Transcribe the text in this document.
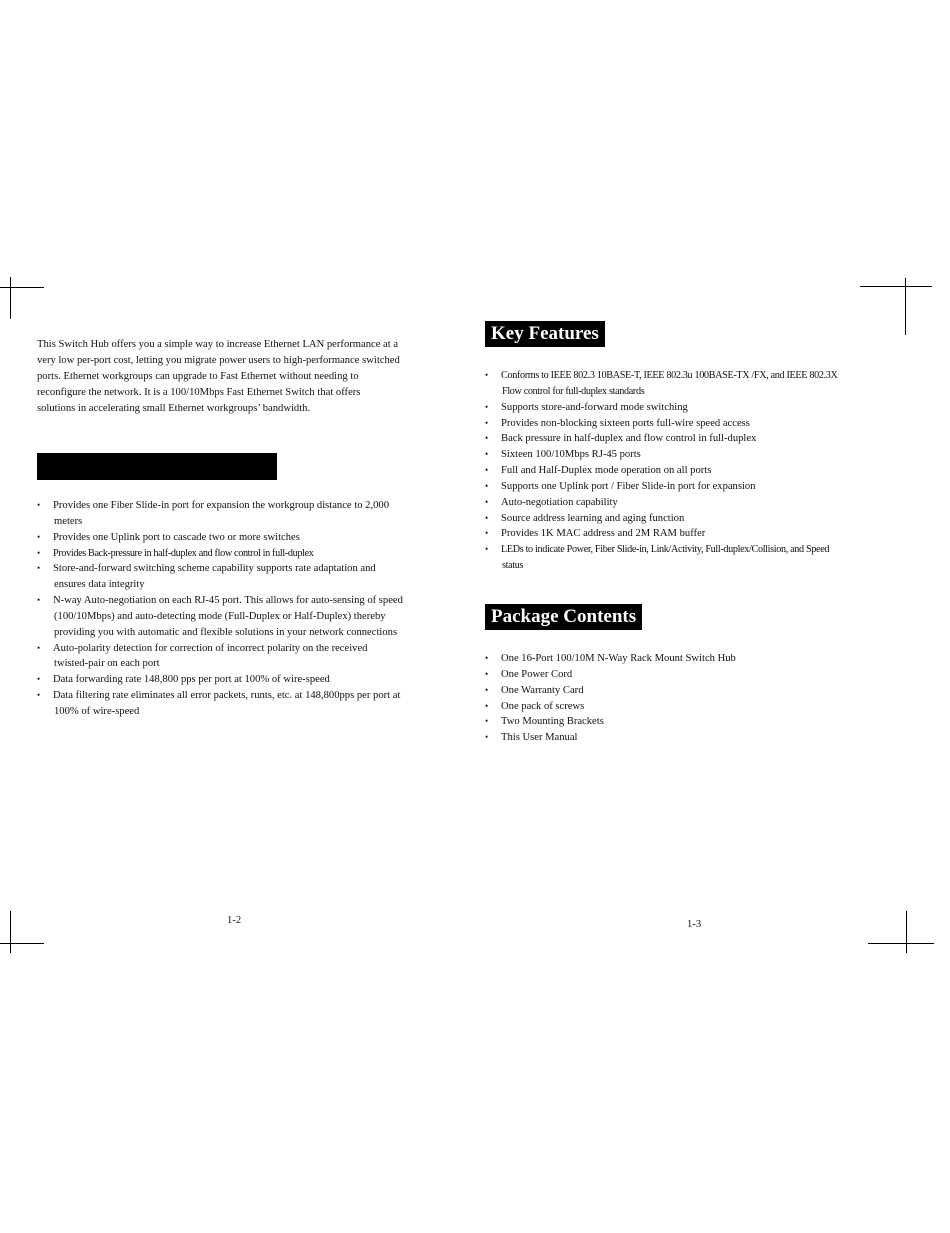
This Switch Hub offers you a simple way to increase Ethernet LAN performance at a
very low per-port cost, letting you migrate power users to high-performance switched
ports. Ethernet workgroups can upgrade to Fast Ethernet without needing to
reconfigure the network. It is a 100/10Mbps Fast Ethernet Switch that offers
solutions in accelerating small Ethernet workgroups’ bandwidth.

• Provides one Fiber Slide-in port for expansion the workgroup distance to 2,000
meters
• Provides one Uplink port to cascade two or more switches
• Provides Back-pressure in half-duplex and flow control in full-duplex
• Store-and-forward switching scheme capability supports rate adaptation and
ensures data integrity
• N-way Auto-negotiation on each RJ-45 port. This allows for auto-sensing of speed
(100/10Mbps) and auto-detecting mode (Full-Duplex or Half-Duplex) thereby
providing you with automatic and flexible solutions in your network connections
• Auto-polarity detection for correction of incorrect polarity on the received
twisted-pair on each port
• Data forwarding rate 148,800 pps per port at 100% of wire-speed
• Data filtering rate eliminates all error packets, runts, etc. at 148,800pps per port at
100% of wire-speed
1-2
Key Features
• Conforms to IEEE 802.3 10BASE-T, IEEE 802.3u 100BASE-TX /FX, and IEEE 802.3X
Flow control for full-duplex standards
• Supports store-and-forward mode switching
• Provides non-blocking sixteen ports full-wire speed access
• Back pressure in half-duplex and flow control in full-duplex
• Sixteen 100/10Mbps RJ-45 ports
• Full and Half-Duplex mode operation on all ports
• Supports one Uplink port / Fiber Slide-in port for expansion
• Auto-negotiation capability
• Source address learning and aging function
• Provides 1K MAC address and 2M RAM buffer
• LEDs to indicate Power, Fiber Slide-in, Link/Activity, Full-duplex/Collision, and Speed
status
Package Contents
• One 16-Port 100/10M N-Way Rack Mount Switch Hub
• One Power Cord
• One Warranty Card
• One pack of screws
• Two Mounting Brackets
• This User Manual
1-3
